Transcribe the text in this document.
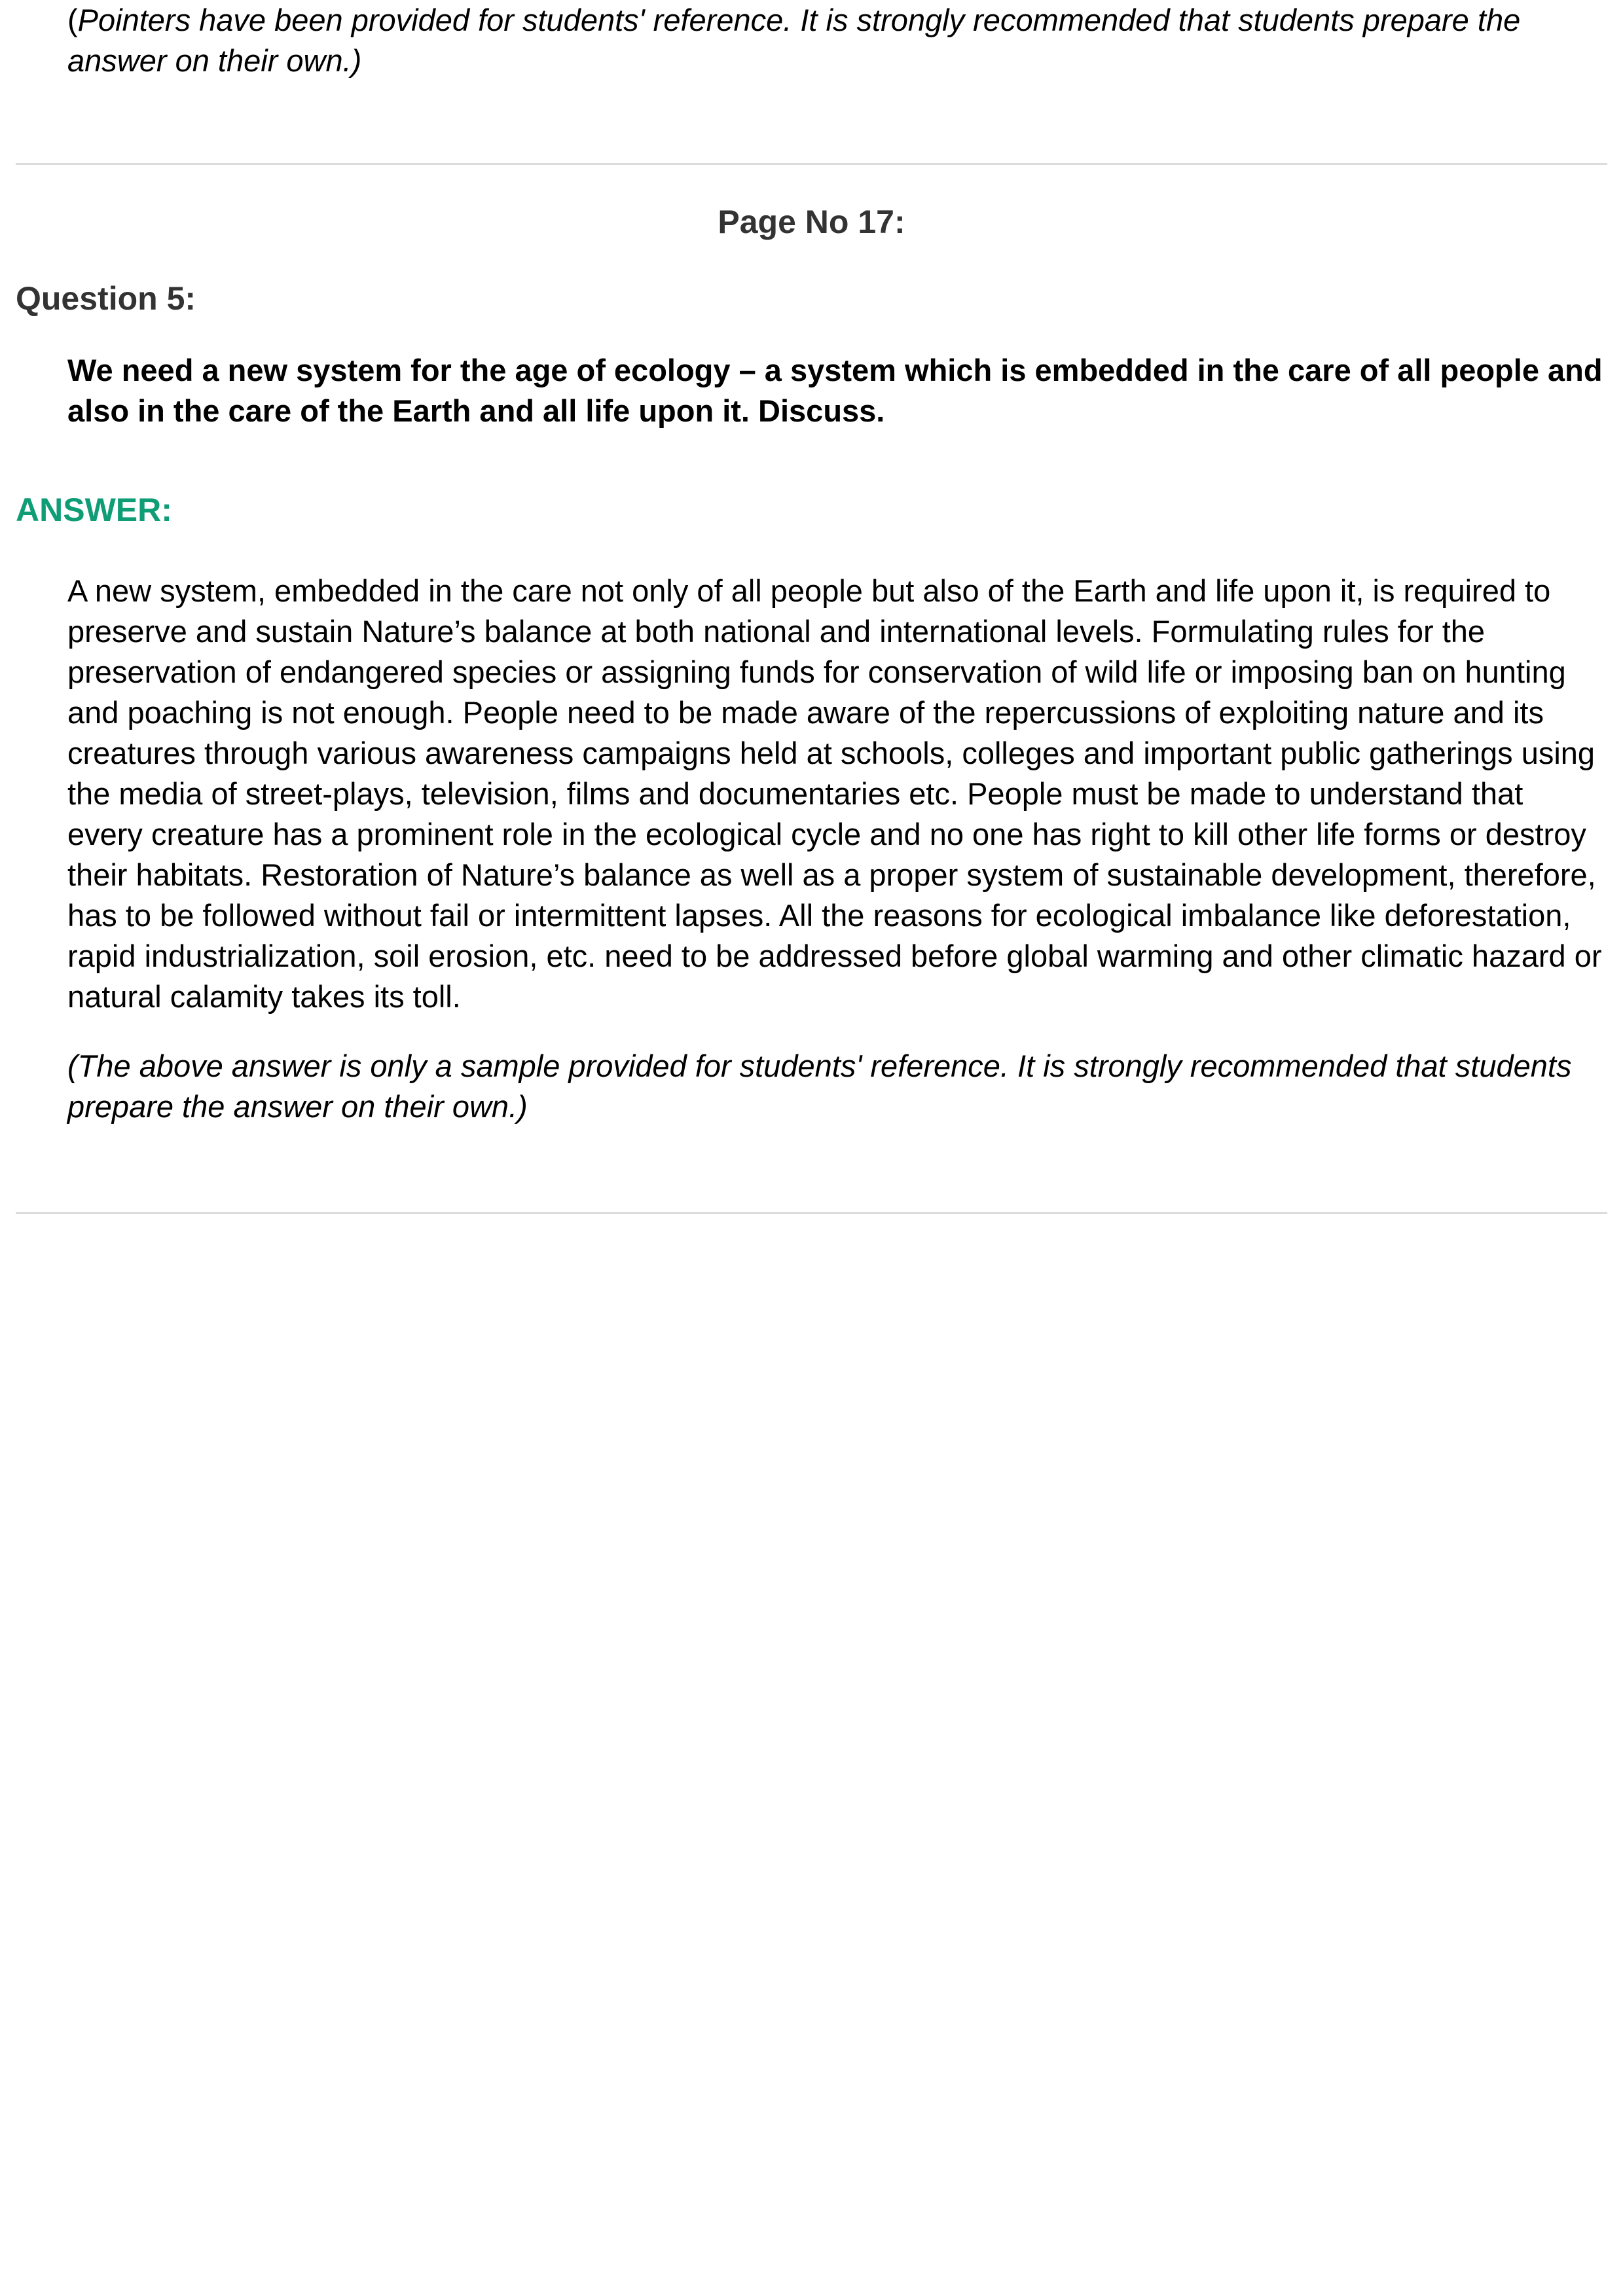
(Pointers have been provided for students' reference. It is strongly recommended that students prepare the answer on their own.)

Page No 17:
Question 5:

We need a new system for the age of ecology – a system which is embedded in the care of all people and also in the care of the Earth and all life upon it. Discuss.

ANSWER:

A new system, embedded in the care not only of all people but also of the Earth and life upon it, is required to preserve and sustain Nature’s balance at both national and international levels. Formulating rules for the preservation of endangered species or assigning funds for conservation of wild life or imposing ban on hunting and poaching is not enough. People need to be made aware of the repercussions of exploiting nature and its creatures through various awareness campaigns held at schools, colleges and important public gatherings using the media of street-plays, television, films and documentaries etc. People must be made to understand that every creature has a prominent role in the ecological cycle and no one has right to kill other life forms or destroy their habitats. Restoration of Nature’s balance as well as a proper system of sustainable development, therefore, has to be followed without fail or intermittent lapses. All the reasons for ecological imbalance like deforestation, rapid industrialization, soil erosion, etc. need to be addressed before global warming and other climatic hazard or natural calamity takes its toll.

(The above answer is only a sample provided for students' reference. It is strongly recommended that students prepare the answer on their own.)
